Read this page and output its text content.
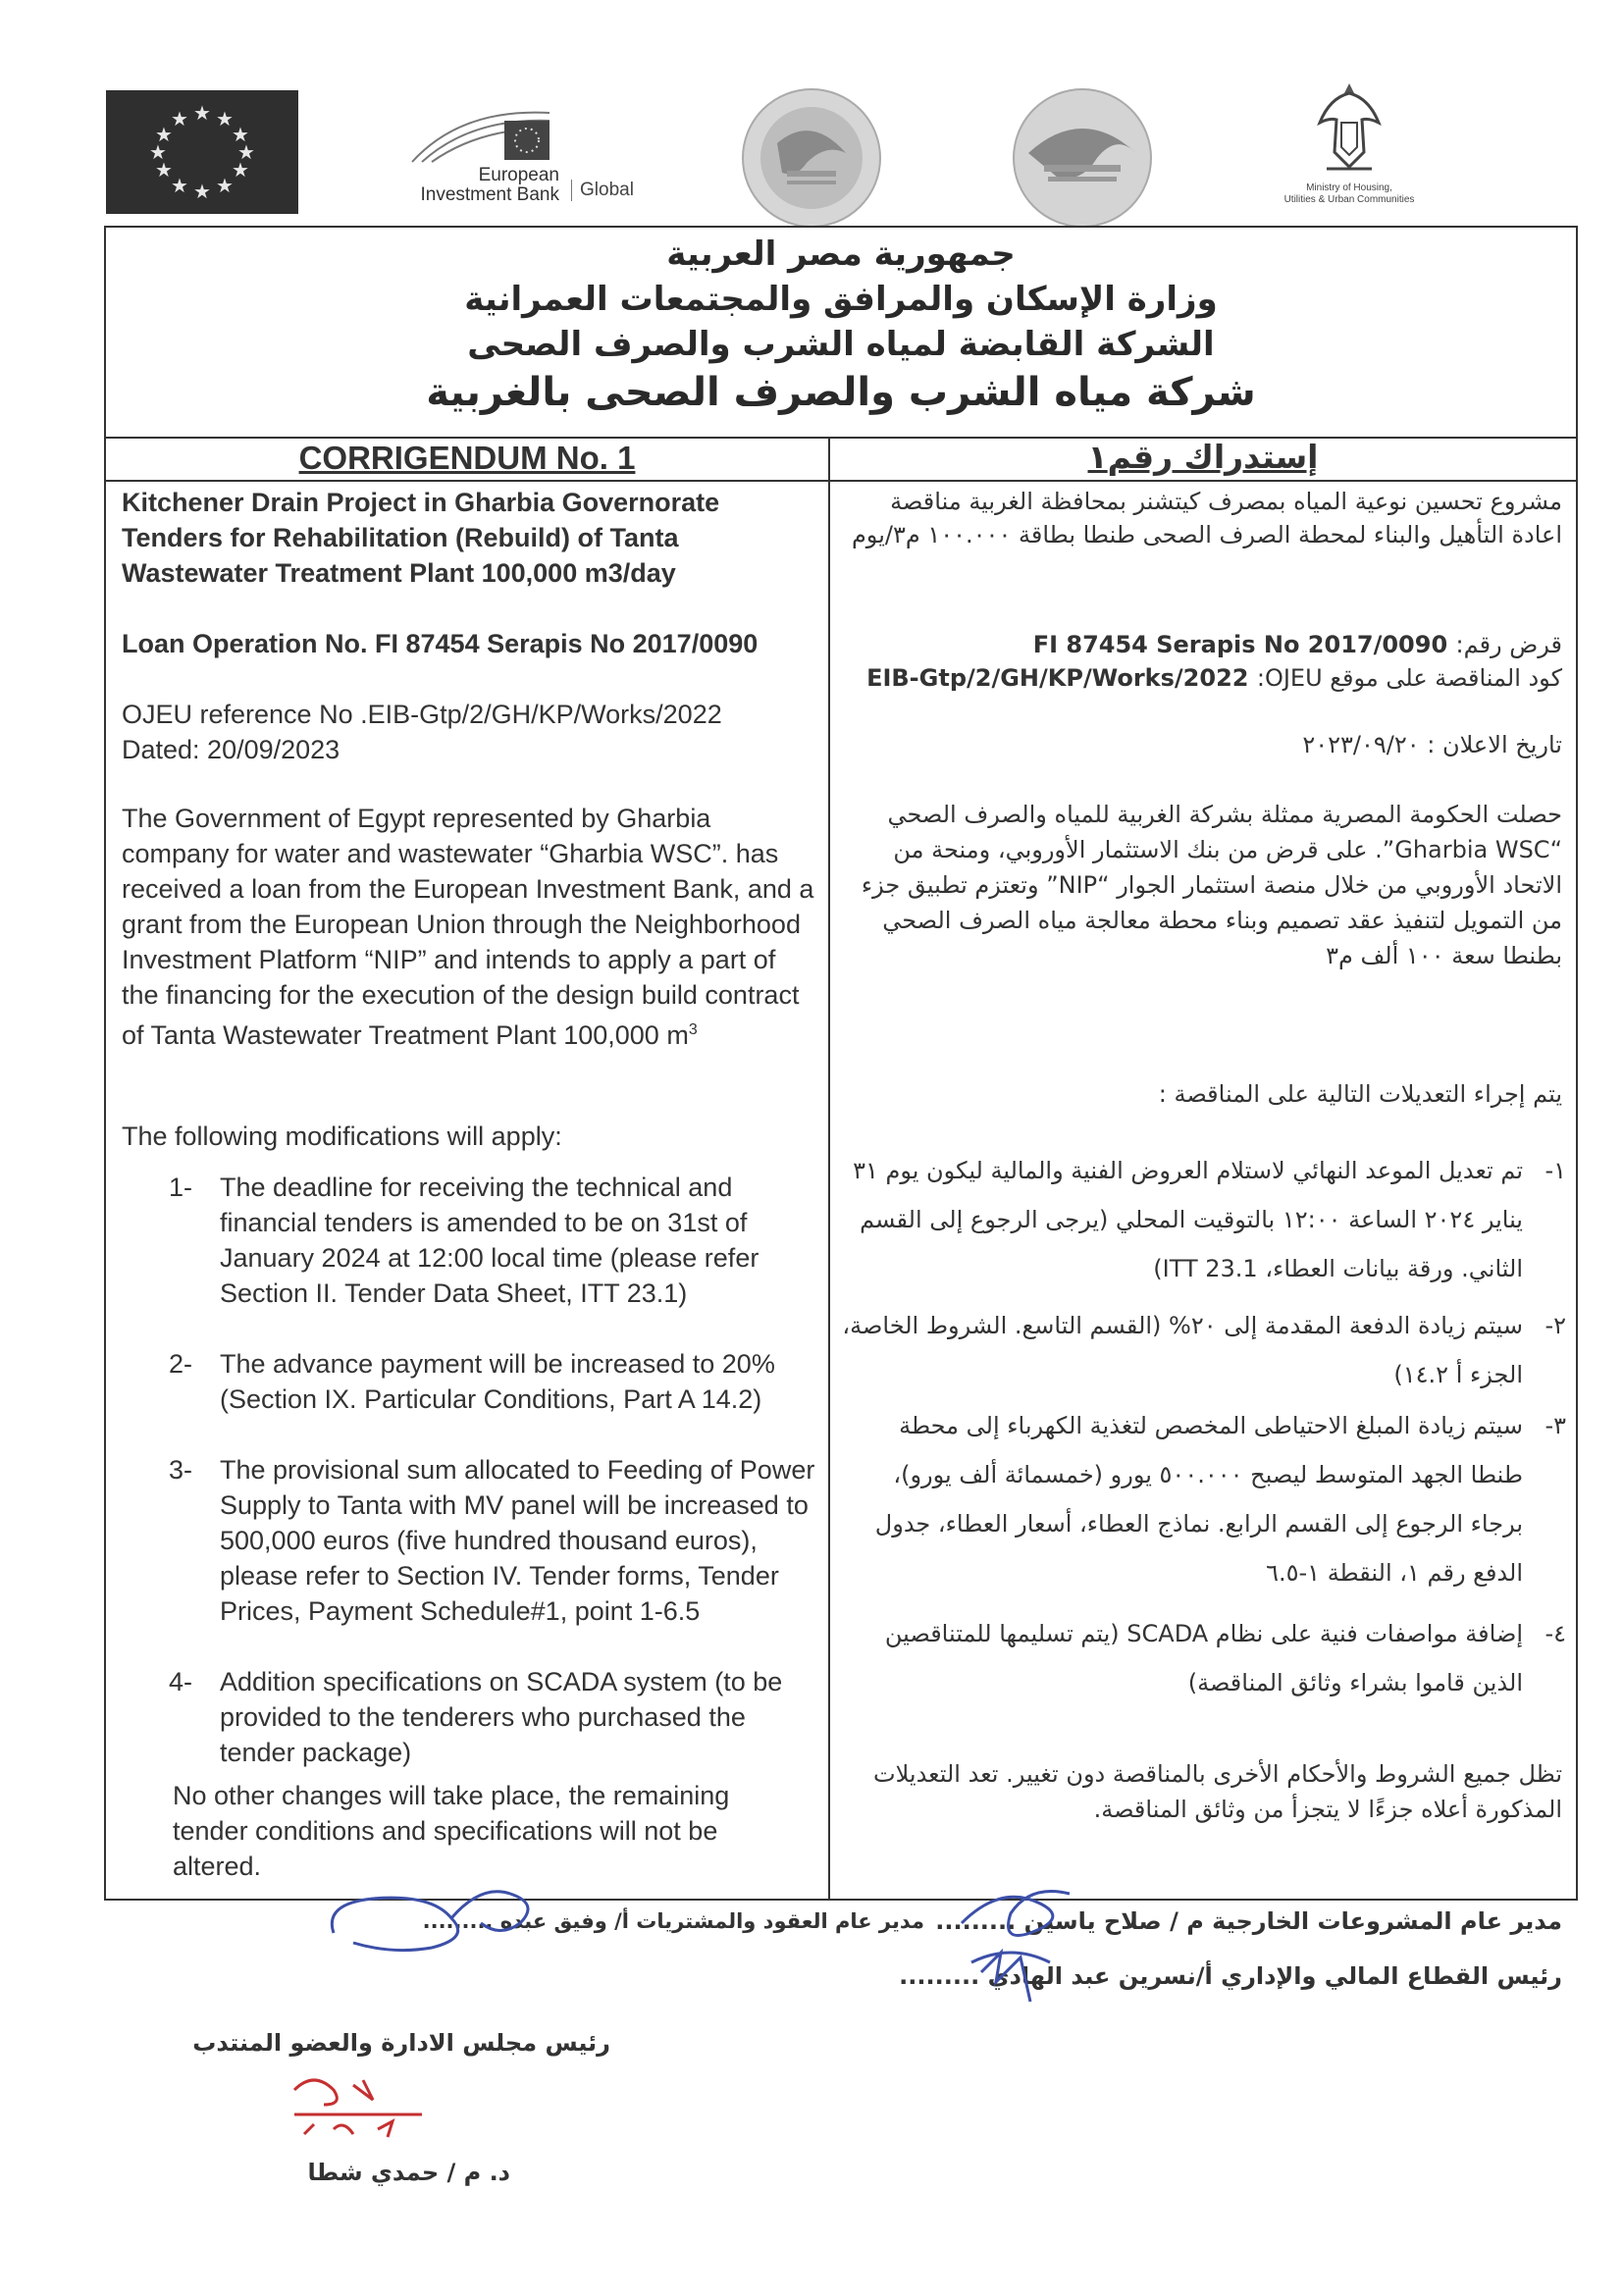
★ ★
★
★
★
★
★
★
★
★
★
★
European Investment Bank	Global	Ministry of Housing,
Utilities & Urban Communities
جمهورية مصر العربية
وزارة الإسكان والمرافق والمجتمعات العمرانية
الشركة القابضة لمياه الشرب والصرف الصحى
شركة مياه الشرب والصرف الصحى بالغربية
CORRIGENDUM No. 1	إستدراك رقم١
Kitchener Drain Project in Gharbia Governorate Tenders for Rehabilitation (Rebuild) of Tanta Wastewater Treatment Plant 100,000 m3/day
Loan Operation No. FI 87454 Serapis No 2017/0090
OJEU reference No .EIB-Gtp/2/GH/KP/Works/2022
Dated: 20/09/2023
The Government of Egypt represented by Gharbia company for water and wastewater “Gharbia WSC”. has received a loan from the European Investment Bank, and a grant from the European Union through the Neighborhood Investment Platform “NIP” and intends to apply a part of the financing for the execution of the design build contract of Tanta Wastewater Treatment Plant 100,000 $m^3$
The following modifications will apply:
1- The deadline for receiving the technical and financial tenders is amended to be on 31st of January 2024 at 12:00 local time (please refer Section II. Tender Data Sheet, ITT 23.1)
2- The advance payment will be increased to 20% (Section IX. Particular Conditions, Part A 14.2)
3- The provisional sum allocated to Feeding of Power Supply to Tanta with MV panel will be increased to 500,000 euros (five hundred thousand euros), please refer to Section IV. Tender forms, Tender Prices, Payment Schedule#1, point 1-6.5
4- Addition specifications on SCADA system (to be provided to the tenderers who purchased the tender package)
No other changes will take place, the remaining tender conditions and specifications will not be altered.
مشروع تحسين نوعية المياه بمصرف كيتشنر بمحافظة الغربية مناقصة اعادة التأهيل والبناء لمحطة الصرف الصحى طنطا بطاقة ١٠٠.٠٠٠ م٣/يوم
قرض رقم: FI 87454 Serapis No 2017/0090
كود المناقصة على موقع OJEU: EIB-Gtp/2/GH/KP/Works/2022
تاريخ الاعلان : ٢٠٢٣/٠٩/٢٠
حصلت الحكومة المصرية ممثلة بشركة الغربية للمياه والصرف الصحي “Gharbia WSC”. على قرض من بنك الاستثمار الأوروبي، ومنحة من الاتحاد الأوروبي من خلال منصة استثمار الجوار “NIP” وتعتزم تطبيق جزء من التمويل لتنفيذ عقد تصميم وبناء محطة معالجة مياه الصرف الصحي بطنطا سعة ١٠٠ ألف م٣
يتم إجراء التعديلات التالية على المناقصة :
١-
تم تعديل الموعد النهائي لاستلام العروض الفنية والمالية ليكون يوم ٣١ يناير ٢٠٢٤ الساعة ١٢:٠٠ بالتوقيت المحلي (يرجى الرجوع إلى القسم الثاني. ورقة بيانات العطاء، ITT 23.1)
٢-
سيتم زيادة الدفعة المقدمة إلى ٢٠% (القسم التاسع. الشروط الخاصة، الجزء أ ١٤.٢)
٣-
سيتم زيادة المبلغ الاحتياطى المخصص لتغذية الكهرباء إلى محطة طنطا الجهد المتوسط ليصبح ٥٠٠.٠٠٠ يورو (خمسمائة ألف يورو)، برجاء الرجوع إلى القسم الرابع. نماذج العطاء، أسعار العطاء، جدول الدفع رقم ١، النقطة ١-٦.٥
٤-
إضافة مواصفات فنية على نظام SCADA (يتم تسليمها للمتناقصين الذين قاموا بشراء وثائق المناقصة)
تظل جميع الشروط والأحكام الأخرى بالمناقصة دون تغيير. تعد التعديلات المذكورة أعلاه جزءًا لا يتجزأ من وثائق المناقصة.
مدير عام المشروعات الخارجية م / صلاح ياسين .........
مدير عام العقود والمشتريات أ/ وفيق عبده .........
رئيس القطاع المالي والإداري أ/نسرين عبد الهادي .........
رئيس مجلس الادارة والعضو المنتدب
د. م / حمدي شطا
